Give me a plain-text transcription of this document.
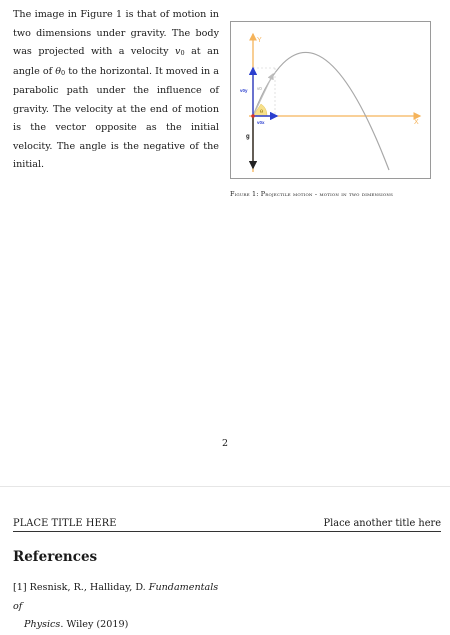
The image in Figure 1 is that of motion in two dimensions under gravity. The body was projected with a velocity $v_0$ at an angle of $\theta_0$ to the horizontal. It moved in a parabolic path under the influence of gravity. The velocity at the end of motion is the vector opposite as the initial velocity. The angle is the negative of the initial.

Y
X
θ
v0
v0y
v0x
g
Figure 1: Projectile motion - motion in two dimensions
2
PLACE TITLE HERE	Place another title here
References
[1] Resnisk, R., Halliday, D. Fundamentals of
Physics. Wiley (2019)
